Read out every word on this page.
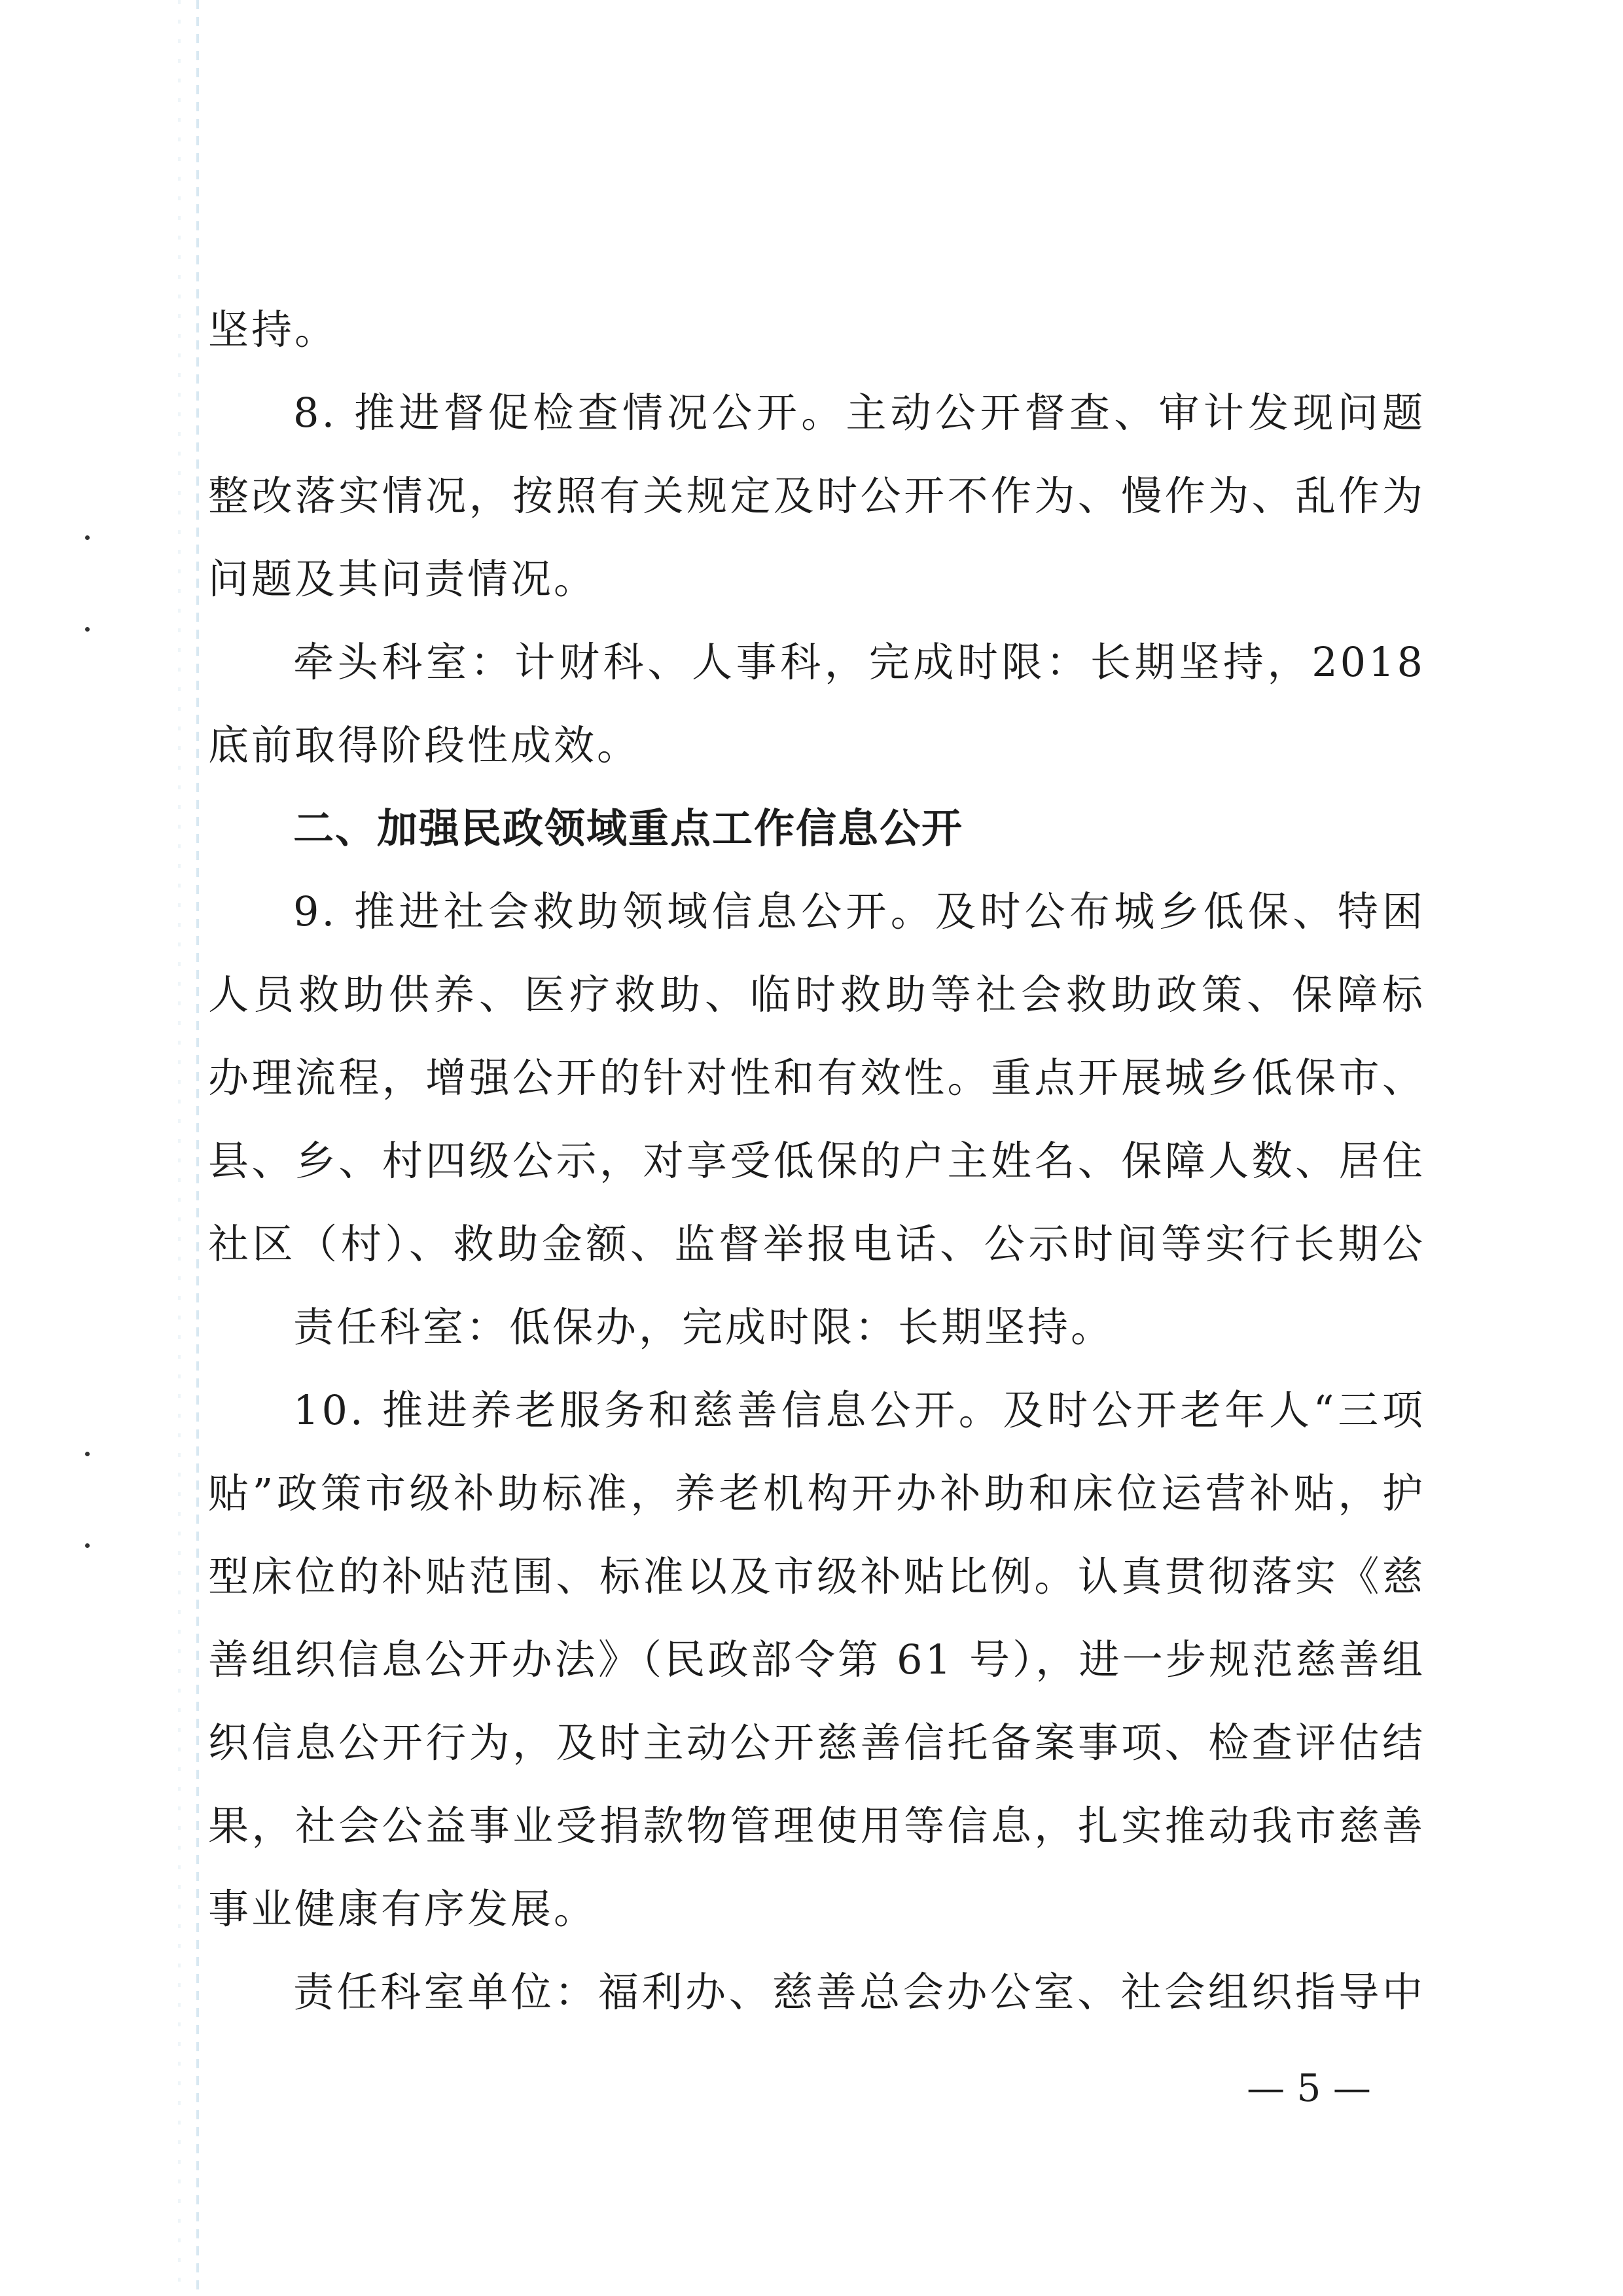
坚持。
8. 推进督促检查情况公开。主动公开督查、审计发现问题
整改落实情况，按照有关规定及时公开不作为、慢作为、乱作为
问题及其问责情况。
牵头科室：计财科、人事科，完成时限：长期坚持，2018
底前取得阶段性成效。
二、加强民政领域重点工作信息公开
9. 推进社会救助领域信息公开。及时公布城乡低保、特困
人员救助供养、医疗救助、临时救助等社会救助政策、保障标
办理流程，增强公开的针对性和有效性。重点开展城乡低保市、
县、乡、村四级公示，对享受低保的户主姓名、保障人数、居住
社区（村）、救助金额、监督举报电话、公示时间等实行长期公
责任科室：低保办，完成时限：长期坚持。
10. 推进养老服务和慈善信息公开。及时公开老年人“三项
贴”政策市级补助标准，养老机构开办补助和床位运营补贴，护
型床位的补贴范围、标准以及市级补贴比例。认真贯彻落实《慈
善组织信息公开办法》（民政部令第 61 号），进一步规范慈善组
织信息公开行为，及时主动公开慈善信托备案事项、检查评估结
果，社会公益事业受捐款物管理使用等信息，扎实推动我市慈善
事业健康有序发展。
责任科室单位：福利办、慈善总会办公室、社会组织指导中
— 5 —
